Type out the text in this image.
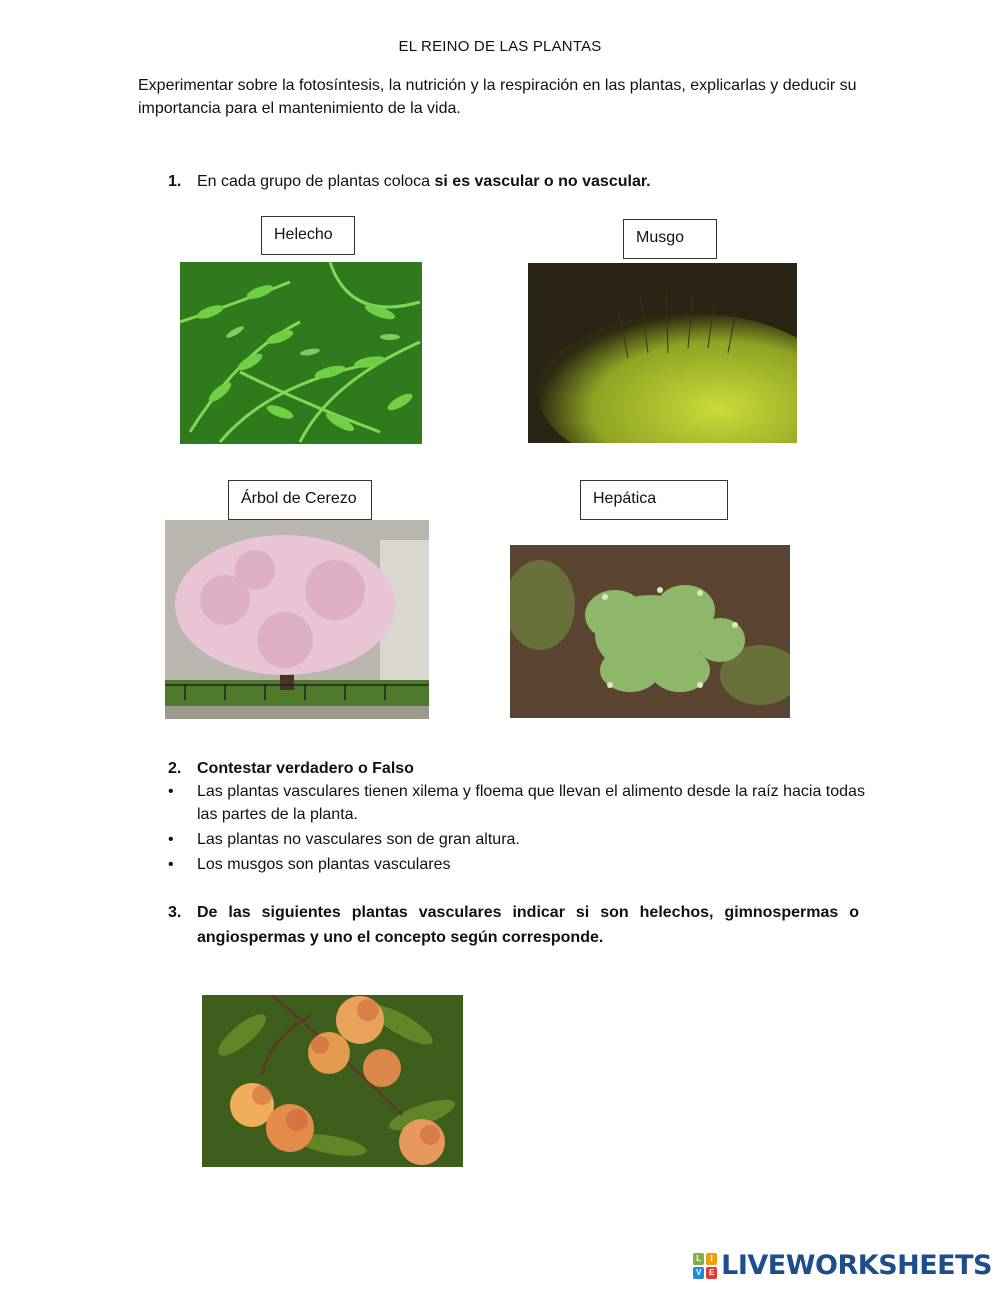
EL REINO DE LAS PLANTAS
Experimentar sobre la fotosíntesis, la nutrición y la respiración en las plantas, explicarlas y deducir su importancia para el mantenimiento de la vida.
1. En cada grupo de plantas coloca si es vascular o no vascular.
Helecho	Musgo
Árbol de Cerezo	Hepática
2. Contestar verdadero o Falso
• Las plantas vasculares tienen xilema y floema que llevan el alimento desde la raíz hacia todas las partes de la planta.
• Las plantas no vasculares son de gran altura.
• Los musgos son plantas vasculares
3. De las siguientes plantas vasculares indicar si son helechos, gimnospermas o angiospermas y uno el concepto según corresponde.
L	I
V E LIVEWORKSHEETS
